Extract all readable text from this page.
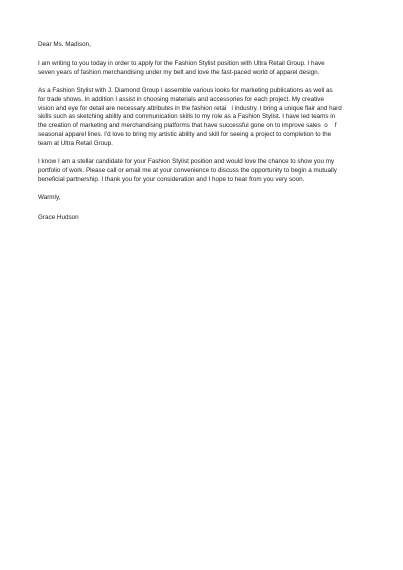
Dear Ms. Madison,
I am writing to you today in order to apply for the Fashion Stylist position with Ultra Retail Group. I have
seven years of fashion merchandising under my belt and love the fast-paced world of apparel design.
As a Fashion Stylist with J. Diamond Group I assemble various looks for marketing publications as well as
for trade shows. In addition I assist in choosing materials and accessories for each project. My creative
vision and eye for detail are necessary attributes in the fashion retai   l industry. I bring a unique flair and hard
skills such as sketching ability and communication skills to my role as a Fashion Stylist. I have led teams in
the creation of marketing and merchandising platforms that have successful gone on to improve sales  o    f
seasonal apparel lines. I'd love to bring my artistic ability and skill for seeing a project to completion to the
team at Ultra Retail Group.
I know I am a stellar candidate for your Fashion Stylist position and would love the chance to show you my
portfolio of work. Please call or email me at your convenience to discuss the opportunity to begin a mutually
beneficial partnership. I thank you for your consideration and I hope to hear from you very soon.
Warmly,
Grace Hudson
